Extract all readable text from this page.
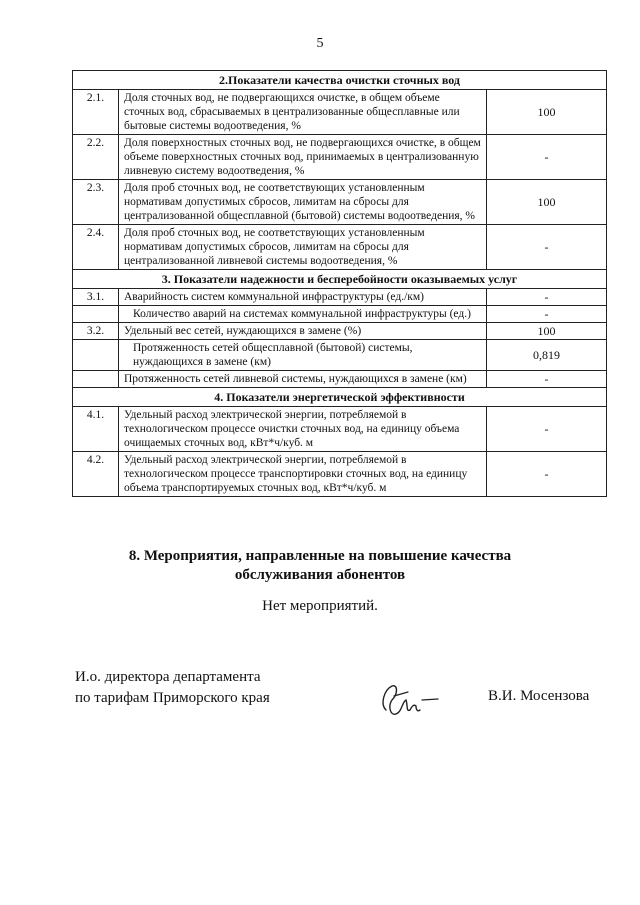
5
2.Показатели качества очистки сточных вод		
2.1.	Доля сточных вод, не подвергающихся очистке, в общем объеме сточных вод, сбрасываемых в централизованные общесплавные или бытовые системы водоотведения, %	100
2.2.	Доля поверхностных сточных вод, не подвергающихся очистке, в общем объеме поверхностных сточных вод, принимаемых в централизованную ливневую систему водоотведения, %	-
2.3.	Доля проб сточных вод, не соответствующих установленным нормативам допустимых сбросов, лимитам на сбросы для централизованной общесплавной (бытовой) системы водоотведения, %	100
2.4.	Доля проб сточных вод, не соответствующих установленным нормативам допустимых сбросов, лимитам на сбросы для централизованной ливневой системы водоотведения, %	-
3. Показатели надежности и бесперебойности оказываемых услуг		
3.1.	Аварийность систем коммунальной инфраструктуры (ед./км)	-
	Количество аварий на системах коммунальной инфраструктуры (ед.)	-
3.2.	Удельный вес сетей, нуждающихся в замене (%)	100
	Протяженность сетей общесплавной (бытовой) системы, нуждающихся в замене (км)	0,819
	Протяженность сетей ливневой системы, нуждающихся в замене (км)	-
4. Показатели энергетической эффективности		
4.1.	Удельный расход электрической энергии, потребляемой в технологическом процессе очистки сточных вод, на единицу объема очищаемых сточных вод, кВт*ч/куб. м	-
4.2.	Удельный расход электрической энергии, потребляемой в технологическом процессе транспортировки сточных вод, на единицу объема транспортируемых сточных вод, кВт*ч/куб. м	-
8. Мероприятия, направленные на повышение качества
обслуживания абонентов
Нет мероприятий.
И.о. директора департамента
по тарифам Приморского края	В.И. Мосензова
